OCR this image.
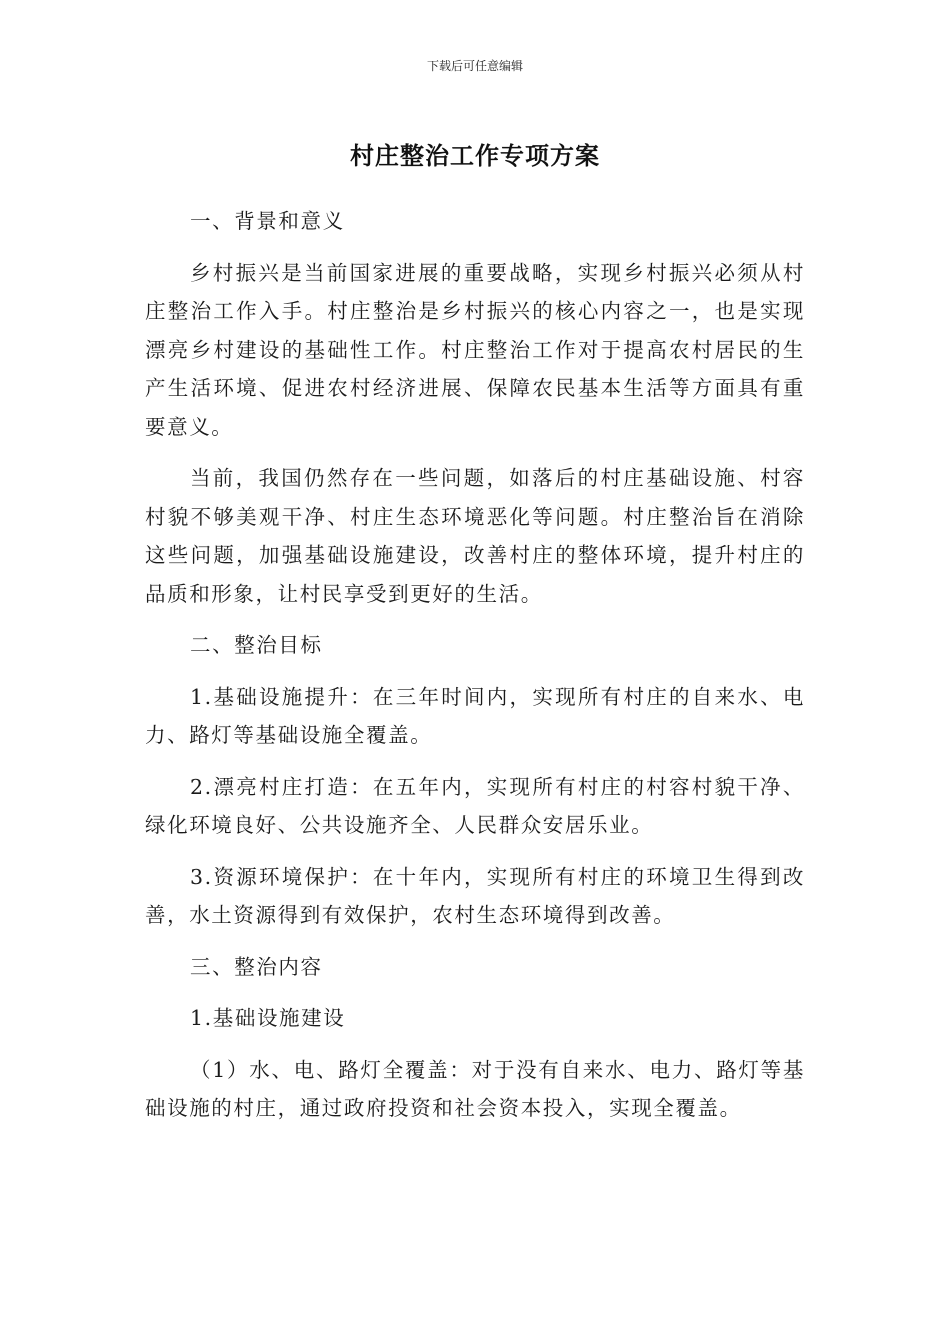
下载后可任意编辑
村庄整治工作专项方案

一、背景和意义

乡村振兴是当前国家进展的重要战略，实现乡村振兴必须从村庄整治工作入手。村庄整治是乡村振兴的核心内容之一，也是实现漂亮乡村建设的基础性工作。村庄整治工作对于提高农村居民的生产生活环境、促进农村经济进展、保障农民基本生活等方面具有重要意义。

当前，我国仍然存在一些问题，如落后的村庄基础设施、村容村貌不够美观干净、村庄生态环境恶化等问题。村庄整治旨在消除这些问题，加强基础设施建设，改善村庄的整体环境，提升村庄的品质和形象，让村民享受到更好的生活。

二、整治目标

1.基础设施提升：在三年时间内，实现所有村庄的自来水、电力、路灯等基础设施全覆盖。

2.漂亮村庄打造：在五年内，实现所有村庄的村容村貌干净、绿化环境良好、公共设施齐全、人民群众安居乐业。

3.资源环境保护：在十年内，实现所有村庄的环境卫生得到改善，水土资源得到有效保护，农村生态环境得到改善。

三、整治内容

1.基础设施建设

（1）水、电、路灯全覆盖：对于没有自来水、电力、路灯等基础设施的村庄，通过政府投资和社会资本投入，实现全覆盖。
